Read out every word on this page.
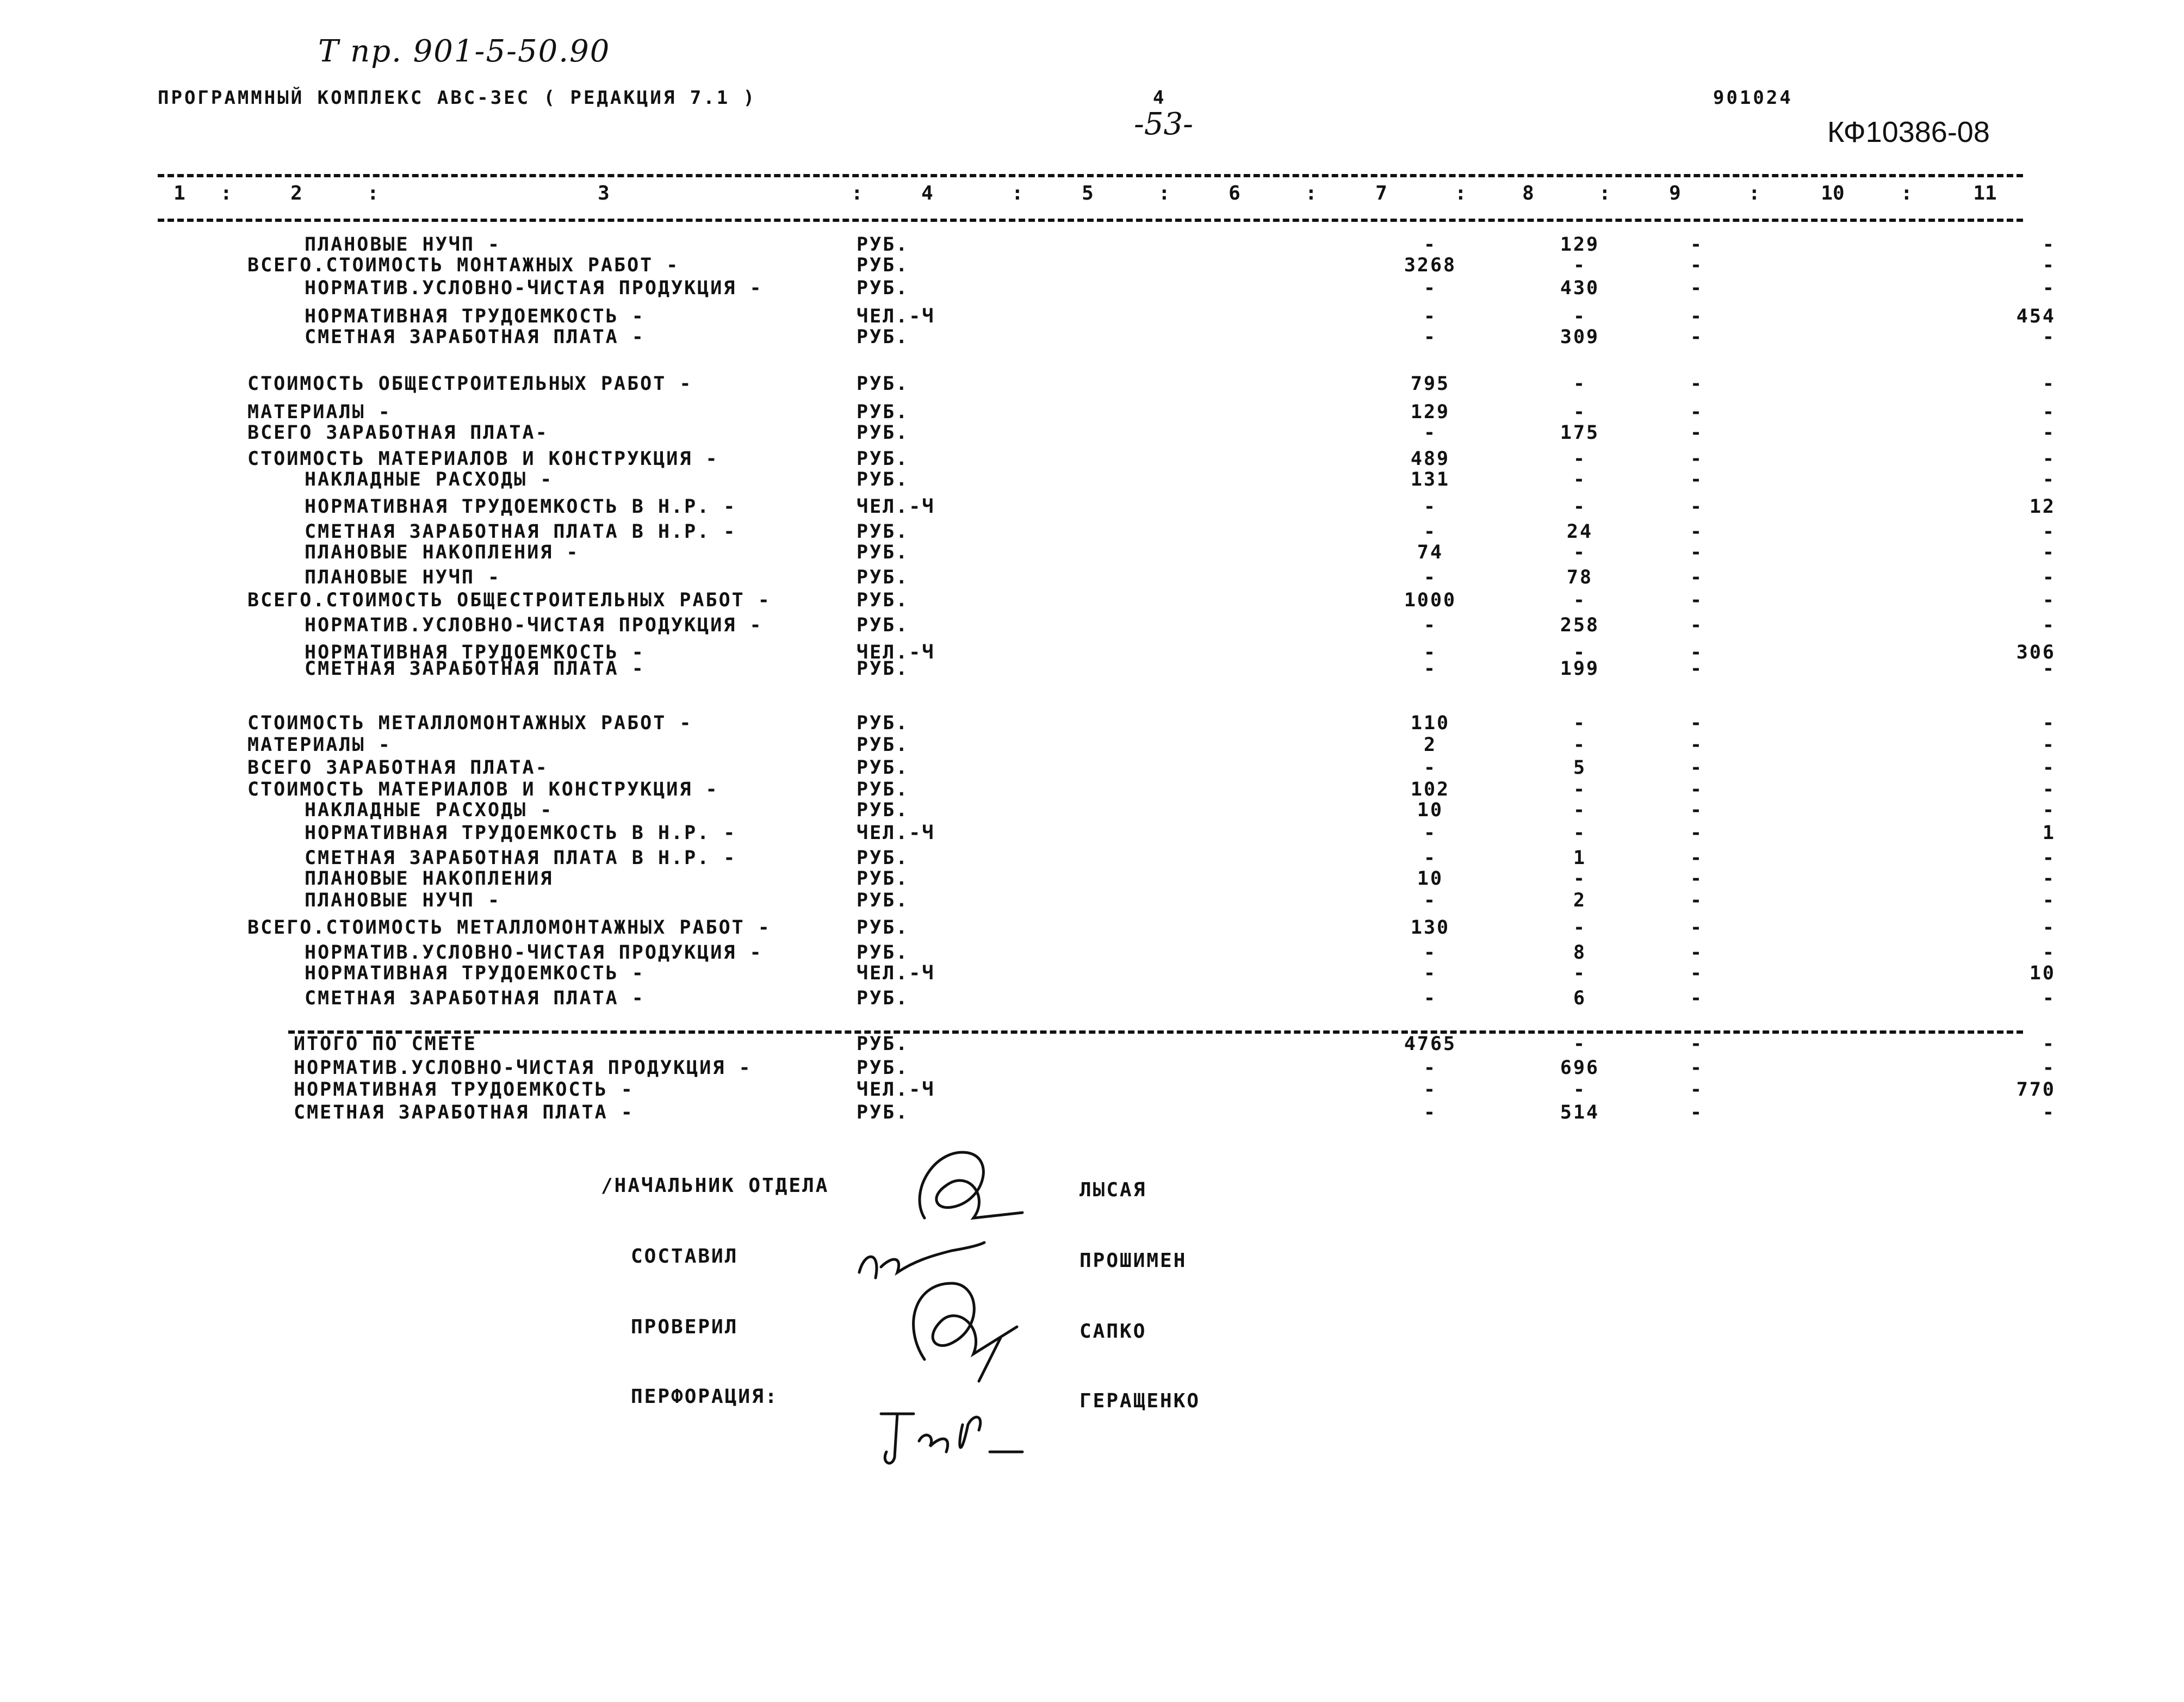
Т пр. 901-5-50.90
ПРОГРАММНЫЙ КОМПЛЕКС АВС-3ЕС ( РЕДАКЦИЯ 7.1 )	4
-53-
901024
КФ10386-08
1 :	2	:	3	:	4	:	5	:	6	:	7	:	8	:	9	:	10	:	11
ПЛАНОВЫЕ НУЧП -	РУБ.	-	129	-	-
ВСЕГО.СТОИМОСТЬ МОНТАЖНЫХ РАБОТ -	РУБ.	3268	-	-	-
НОРМАТИВ.УСЛОВНО-ЧИСТАЯ ПРОДУКЦИЯ -	РУБ.	-	430	-	-
НОРМАТИВНАЯ ТРУДОЕМКОСТЬ -	ЧЕЛ.-Ч	-	-	-	454
СМЕТНАЯ ЗАРАБОТНАЯ ПЛАТА -	РУБ.	-	309	-	-
СТОИМОСТЬ ОБЩЕСТРОИТЕЛЬНЫХ РАБОТ -	РУБ.	795	-	-	-
МАТЕРИАЛЫ -	РУБ.	129	-	-	-
ВСЕГО ЗАРАБОТНАЯ ПЛАТА-	РУБ.	-	175	-	-
СТОИМОСТЬ МАТЕРИАЛОВ И КОНСТРУКЦИЯ -	РУБ.	489	-	-	-
НАКЛАДНЫЕ РАСХОДЫ -	РУБ.	131	-	-	-
НОРМАТИВНАЯ ТРУДОЕМКОСТЬ В Н.Р. -	ЧЕЛ.-Ч	-	-	-	12
СМЕТНАЯ ЗАРАБОТНАЯ ПЛАТА В Н.Р. -	РУБ.	-	24	-	-
ПЛАНОВЫЕ НАКОПЛЕНИЯ -	РУБ.	74	-	-	-
ПЛАНОВЫЕ НУЧП -	РУБ.	-	78	-	-
ВСЕГО.СТОИМОСТЬ ОБЩЕСТРОИТЕЛЬНЫХ РАБОТ -	РУБ.	1000	-	-	-
НОРМАТИВ.УСЛОВНО-ЧИСТАЯ ПРОДУКЦИЯ -	РУБ.	-	258	-	-
НОРМАТИВНАЯ ТРУДОЕМКОСТЬ -	ЧЕЛ.-Ч	-	-	-	306
СМЕТНАЯ ЗАРАБОТНАЯ ПЛАТА -	РУБ.	-	199	-	-
СТОИМОСТЬ МЕТАЛЛОМОНТАЖНЫХ РАБОТ -	РУБ.	110	-	-	-
МАТЕРИАЛЫ -	РУБ.	2	-	-	-
ВСЕГО ЗАРАБОТНАЯ ПЛАТА-	РУБ.	-	5	-	-
СТОИМОСТЬ МАТЕРИАЛОВ И КОНСТРУКЦИЯ -	РУБ.	102	-	-	-
НАКЛАДНЫЕ РАСХОДЫ -	РУБ.	10	-	-	-
НОРМАТИВНАЯ ТРУДОЕМКОСТЬ В Н.Р. -	ЧЕЛ.-Ч	-	-	-	1
СМЕТНАЯ ЗАРАБОТНАЯ ПЛАТА В Н.Р. -	РУБ.	-	1	-	-
ПЛАНОВЫЕ НАКОПЛЕНИЯ	РУБ.	10	-	-	-
ПЛАНОВЫЕ НУЧП -	РУБ.	-	2	-	-
ВСЕГО.СТОИМОСТЬ МЕТАЛЛОМОНТАЖНЫХ РАБОТ -	РУБ.	130	-	-	-
НОРМАТИВ.УСЛОВНО-ЧИСТАЯ ПРОДУКЦИЯ -	РУБ.	-	8	-	-
НОРМАТИВНАЯ ТРУДОЕМКОСТЬ -	ЧЕЛ.-Ч	-	-	-	10
СМЕТНАЯ ЗАРАБОТНАЯ ПЛАТА -	РУБ.	-	6	-	-
ИТОГО ПО СМЕТЕ	РУБ.	4765	-	-	-
НОРМАТИВ.УСЛОВНО-ЧИСТАЯ ПРОДУКЦИЯ -	РУБ.	-	696	-	-
НОРМАТИВНАЯ ТРУДОЕМКОСТЬ -	ЧЕЛ.-Ч	-	-	-	770
СМЕТНАЯ ЗАРАБОТНАЯ ПЛАТА -	РУБ.	-	514	-	-
/НАЧАЛЬНИК ОТДЕЛА	ЛЫСАЯ
СОСТАВИЛ	ПРОШИМЕН
ПРОВЕРИЛ	САПКО
ПЕРФОРАЦИЯ:	ГЕРАЩЕНКО
